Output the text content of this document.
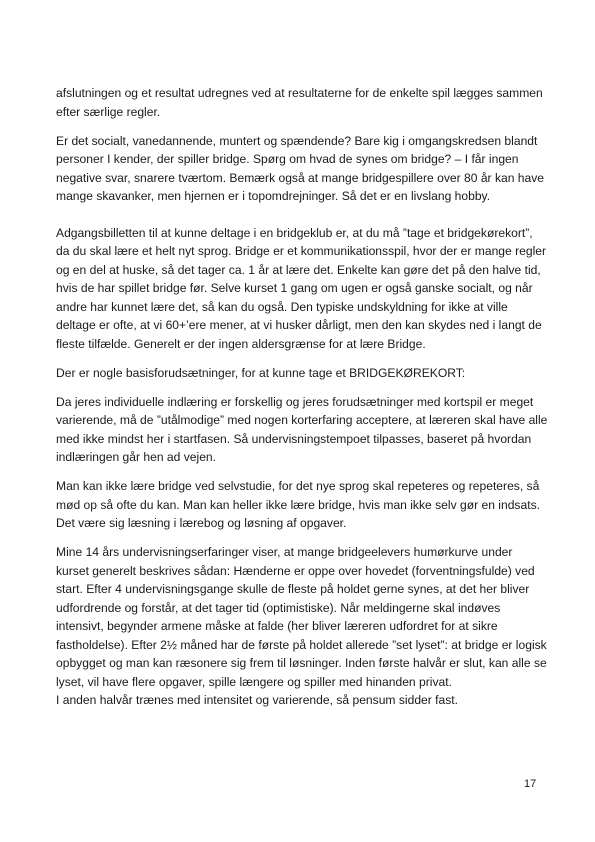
afslutningen og et resultat udregnes ved at resultaterne for de enkelte spil lægges sammen efter særlige regler.

Er det socialt, vanedannende, muntert og spændende? Bare kig i omgangskredsen blandt personer I kender, der spiller bridge. Spørg om hvad de synes om bridge? – I får ingen negative svar, snarere tværtom. Bemærk også at mange bridgespillere over 80 år kan have mange skavanker, men hjernen er i topomdrejninger. Så det er en livslang hobby.

Adgangsbilletten til at kunne deltage i en bridgeklub er, at du må ”tage et bridgekørekort”, da du skal lære et helt nyt sprog. Bridge er et kommunikationsspil, hvor der er mange regler og en del at huske, så det tager ca. 1 år at lære det. Enkelte kan gøre det på den halve tid, hvis de har spillet bridge før. Selve kurset 1 gang om ugen er også ganske socialt, og når andre har kunnet lære det, så kan du også. Den typiske undskyldning for ikke at ville deltage er ofte, at vi 60+’ere mener, at vi husker dårligt, men den kan skydes ned i langt de fleste tilfælde. Generelt er der ingen aldersgrænse for at lære Bridge.

Der er nogle basisforudsætninger, for at kunne tage et BRIDGEKØREKORT:

Da jeres individuelle indlæring er forskellig og jeres forudsætninger med kortspil er meget varierende, må de ”utålmodige” med nogen korterfaring acceptere, at læreren skal have alle med ikke mindst her i startfasen. Så undervisningstempoet tilpasses, baseret på hvordan indlæringen går hen ad vejen.

Man kan ikke lære bridge ved selvstudie, for det nye sprog skal repeteres og repeteres, så mød op så ofte du kan. Man kan heller ikke lære bridge, hvis man ikke selv gør en indsats. Det være sig læsning i lærebog og løsning af opgaver.

Mine 14 års undervisningserfaringer viser, at mange bridgeelevers humørkurve under kurset generelt beskrives sådan: Hænderne er oppe over hovedet (forventningsfulde) ved start. Efter 4 undervisningsgange skulle de fleste på holdet gerne synes, at det her bliver udfordrende og forstår, at det tager tid (optimistiske). Når meldingerne skal indøves intensivt, begynder armene måske at falde (her bliver læreren udfordret for at sikre fastholdelse). Efter 2½ måned har de første på holdet allerede ”set lyset”: at bridge er logisk opbygget og man kan ræsonere sig frem til løsninger. Inden første halvår er slut, kan alle se lyset, vil have flere opgaver, spille længere og spiller med hinanden privat.

I anden halvår trænes med intensitet og varierende, så pensum sidder fast.

17
